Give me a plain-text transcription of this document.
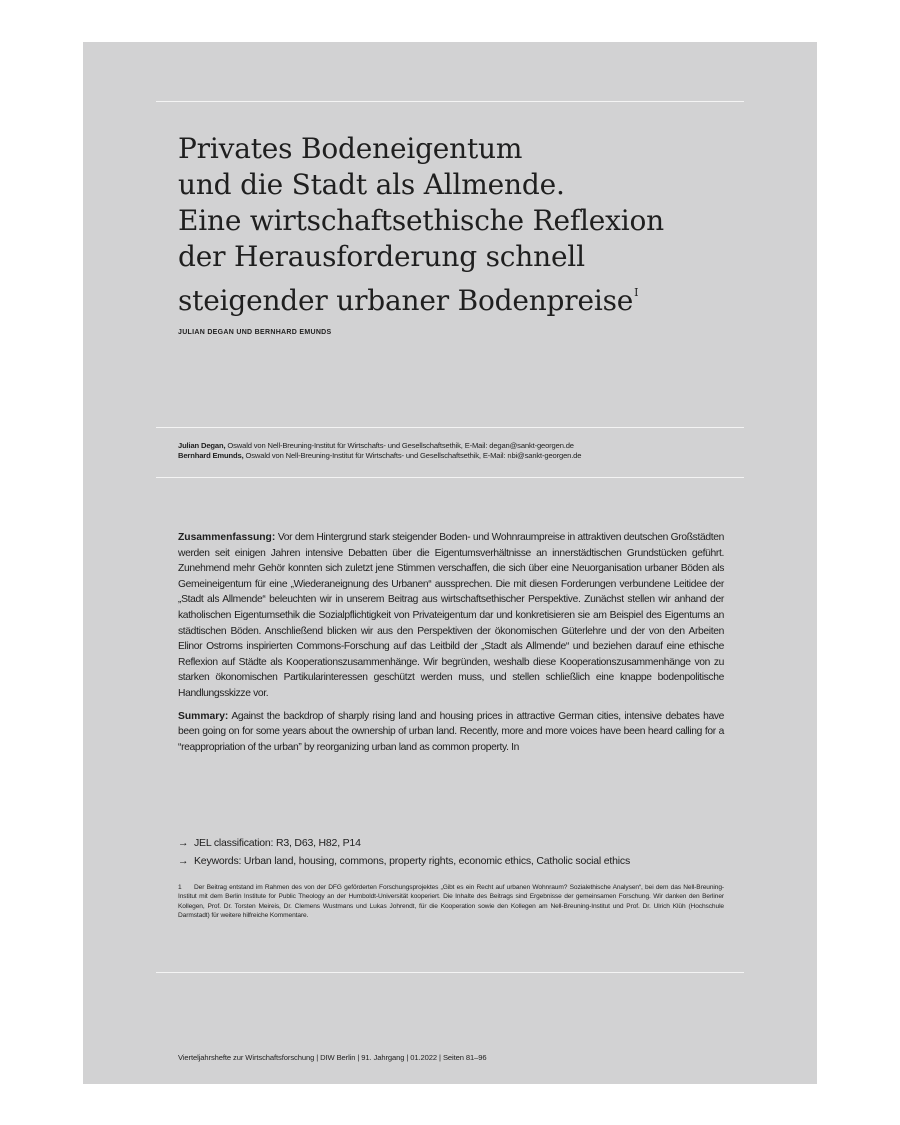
Privates Bodeneigentum
und die Stadt als Allmende.
Eine wirtschaftsethische Reflexion
der Herausforderung schnell
steigender urbaner Bodenpreise$^I$
JULIAN DEGAN UND BERNHARD EMUNDS
Julian Degan, Oswald von Nell-Breuning-Institut für Wirtschafts- und Gesellschaftsethik, E-Mail: degan@sankt-georgen.de
Bernhard Emunds, Oswald von Nell-Breuning-Institut für Wirtschafts- und Gesellschaftsethik, E-Mail: nbi@sankt-georgen.de

Zusammenfassung: Vor dem Hintergrund stark steigender Boden- und Wohnraumpreise in attraktiven deutschen Großstädten werden seit einigen Jahren intensive Debatten über die Eigentumsverhältnisse an innerstädtischen Grundstücken geführt. Zunehmend mehr Gehör konnten sich zuletzt jene Stimmen verschaffen, die sich über eine Neuorganisation urbaner Böden als Gemeineigentum für eine „Wiederaneignung des Urbanen“ aussprechen. Die mit diesen Forderungen verbundene Leitidee der „Stadt als Allmende“ beleuchten wir in unserem Beitrag aus wirtschaftsethischer Perspektive. Zunächst stellen wir anhand der katholischen Eigentumsethik die Sozialpflichtigkeit von Privateigentum dar und konkretisieren sie am Beispiel des Eigentums an städtischen Böden. Anschließend blicken wir aus den Perspektiven der ökonomischen Güterlehre und der von den Arbeiten Elinor Ostroms inspirierten Commons-Forschung auf das Leitbild der „Stadt als Allmende“ und beziehen darauf eine ethische Reflexion auf Städte als Kooperationszusammenhänge. Wir begründen, weshalb diese Kooperationszusammenhänge von zu starken ökonomischen Partikularinteressen geschützt werden muss, und stellen schließlich eine knappe bodenpolitische Handlungsskizze vor.

Summary: Against the backdrop of sharply rising land and housing prices in attractive German cities, intensive debates have been going on for some years about the ownership of urban land. Recently, more and more voices have been heard calling for a “reappropriation of the urban” by reorganizing urban land as common property. In

→ JEL classification: R3, D63, H82, P14
→ Keywords: Urban land, housing, commons, property rights, economic ethics, Catholic social ethics
1 Der Beitrag entstand im Rahmen des von der DFG geförderten Forschungsprojektes „Gibt es ein Recht auf urbanen Wohnraum? Sozialethische Analysen“, bei dem das Nell-Breuning-Institut mit dem Berlin Institute for Public Theology an der Humboldt-Universität kooperiert. Die Inhalte des Beitrags sind Ergebnisse der gemeinsamen Forschung. Wir danken den Berliner Kollegen, Prof. Dr. Torsten Meireis, Dr. Clemens Wustmans und Lukas Johrendt, für die Kooperation sowie den Kollegen am Nell-Breuning-Institut und Prof. Dr. Ulrich Klüh (Hochschule Darmstadt) für weitere hilfreiche Kommentare.
Vierteljahrshefte zur Wirtschaftsforschung | DIW Berlin | 91. Jahrgang | 01.2022 | Seiten 81–96
